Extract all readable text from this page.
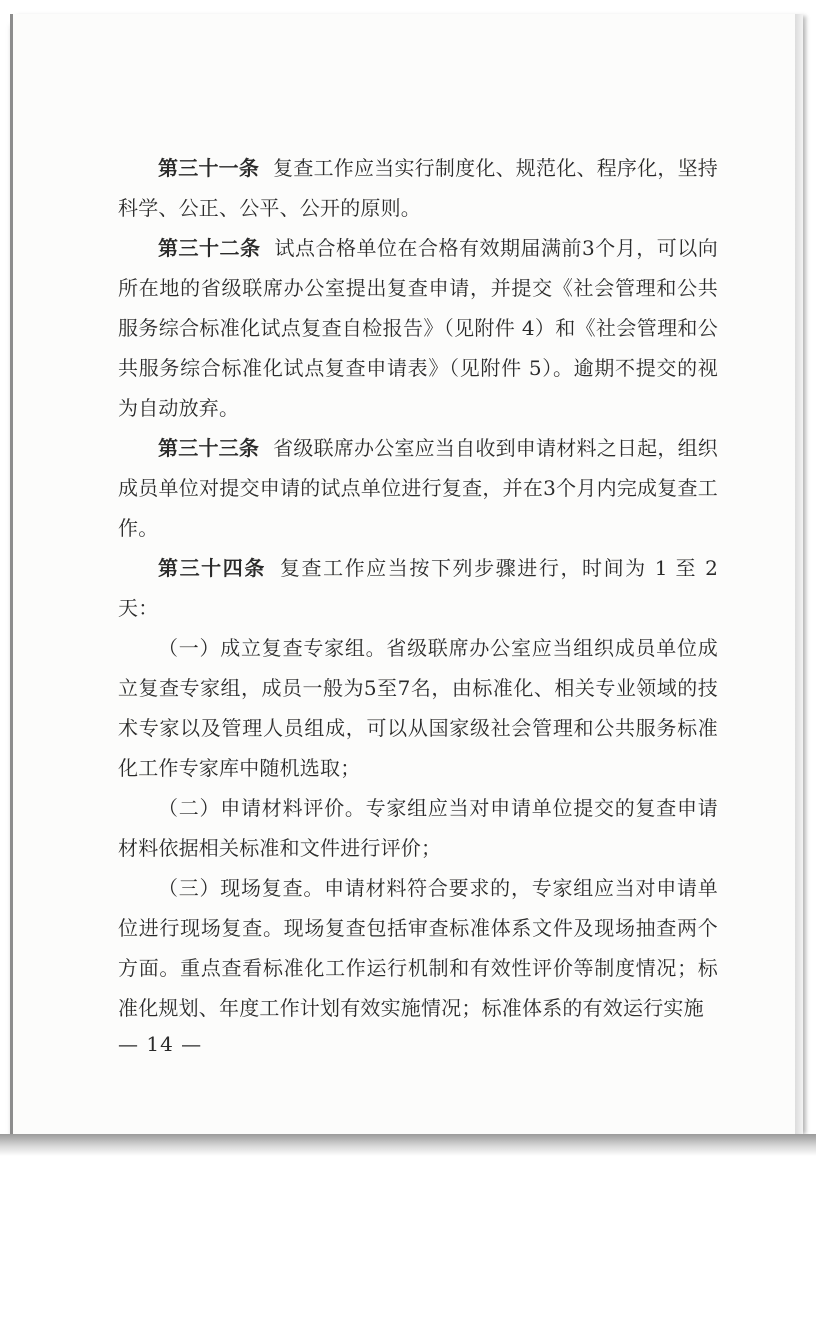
第三十一条 复查工作应当实行制度化、规范化、程序化，坚持科学、公正、公平、公开的原则。

第三十二条 试点合格单位在合格有效期届满前3个月，可以向所在地的省级联席办公室提出复查申请，并提交《社会管理和公共服务综合标准化试点复查自检报告》（见附件 4）和《社会管理和公共服务综合标准化试点复查申请表》（见附件 5）。逾期不提交的视为自动放弃。

第三十三条 省级联席办公室应当自收到申请材料之日起，组织成员单位对提交申请的试点单位进行复查，并在3个月内完成复查工作。

第三十四条 复查工作应当按下列步骤进行，时间为 1 至 2 天：

（一）成立复查专家组。省级联席办公室应当组织成员单位成立复查专家组，成员一般为5至7名，由标准化、相关专业领域的技术专家以及管理人员组成，可以从国家级社会管理和公共服务标准化工作专家库中随机选取；

（二）申请材料评价。专家组应当对申请单位提交的复查申请材料依据相关标准和文件进行评价；

（三）现场复查。申请材料符合要求的，专家组应当对申请单位进行现场复查。现场复查包括审查标准体系文件及现场抽查两个方面。重点查看标准化工作运行机制和有效性评价等制度情况；标准化规划、年度工作计划有效实施情况；标准体系的有效运行实施

— 14 —
